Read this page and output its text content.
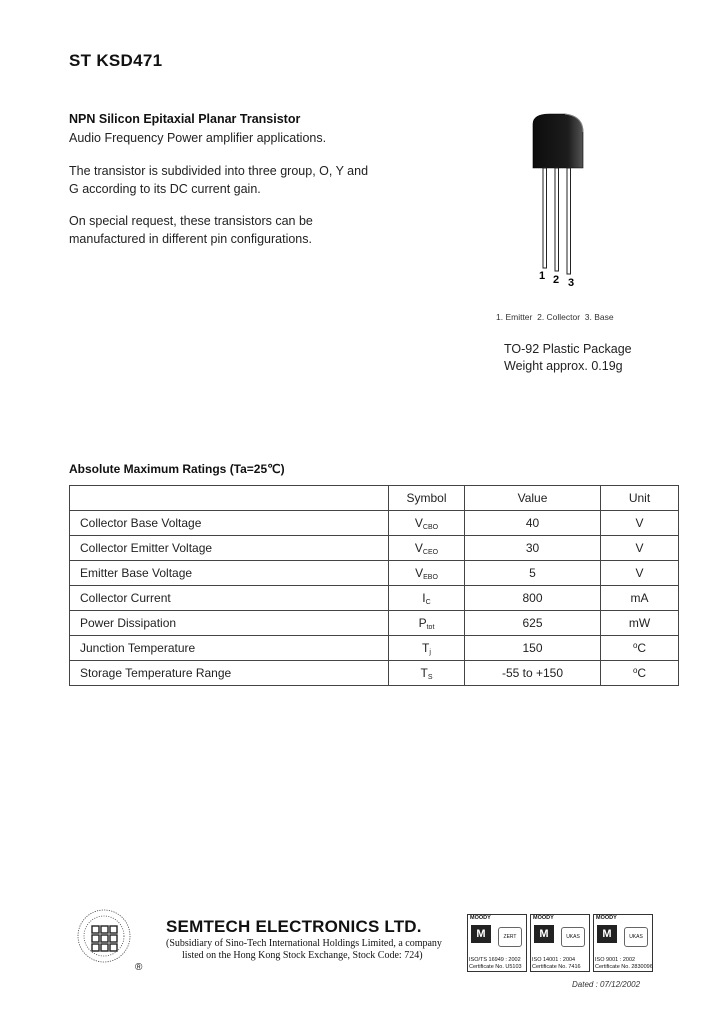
ST KSD471
NPN Silicon Epitaxial Planar Transistor
Audio Frequency Power amplifier applications.
The transistor is subdivided into three group, O, Y and G according to its DC current gain.
On special request, these transistors can be manufactured in different pin configurations.
1 2 3
1. Emitter  2. Collector  3. Base
TO-92 Plastic Package
Weight approx. 0.19g
Absolute Maximum Ratings (Ta=25℃)
	Symbol	Value	Unit
Collector Base Voltage	$V_{CBO}$	40	V
Collector Emitter Voltage	$V_{CEO}$	30	V
Emitter Base Voltage	$V_{EBO}$	5	V
Collector Current	$I_C$	800	mA
Power Dissipation	$P_{tot}$	625	mW
Junction Temperature	$T_j$	150	$^o$C
Storage Temperature Range	$T_S$	-55 to +150	$^o$C
®
SEMTECH ELECTRONICS LTD.
(Subsidiary of Sino-Tech International Holdings Limited, a company
listed on the Hong Kong Stock Exchange, Stock Code: 724)
MOODY
M	ZERT
ISO/TS 16949 : 2002
Certificate No. U5103
MOODY
M	UKAS
ISO 14001 : 2004
Certificate No. 7416
MOODY
M	UKAS
ISO 9001 : 2002
Certificate No. 2830096
Dated : 07/12/2002
